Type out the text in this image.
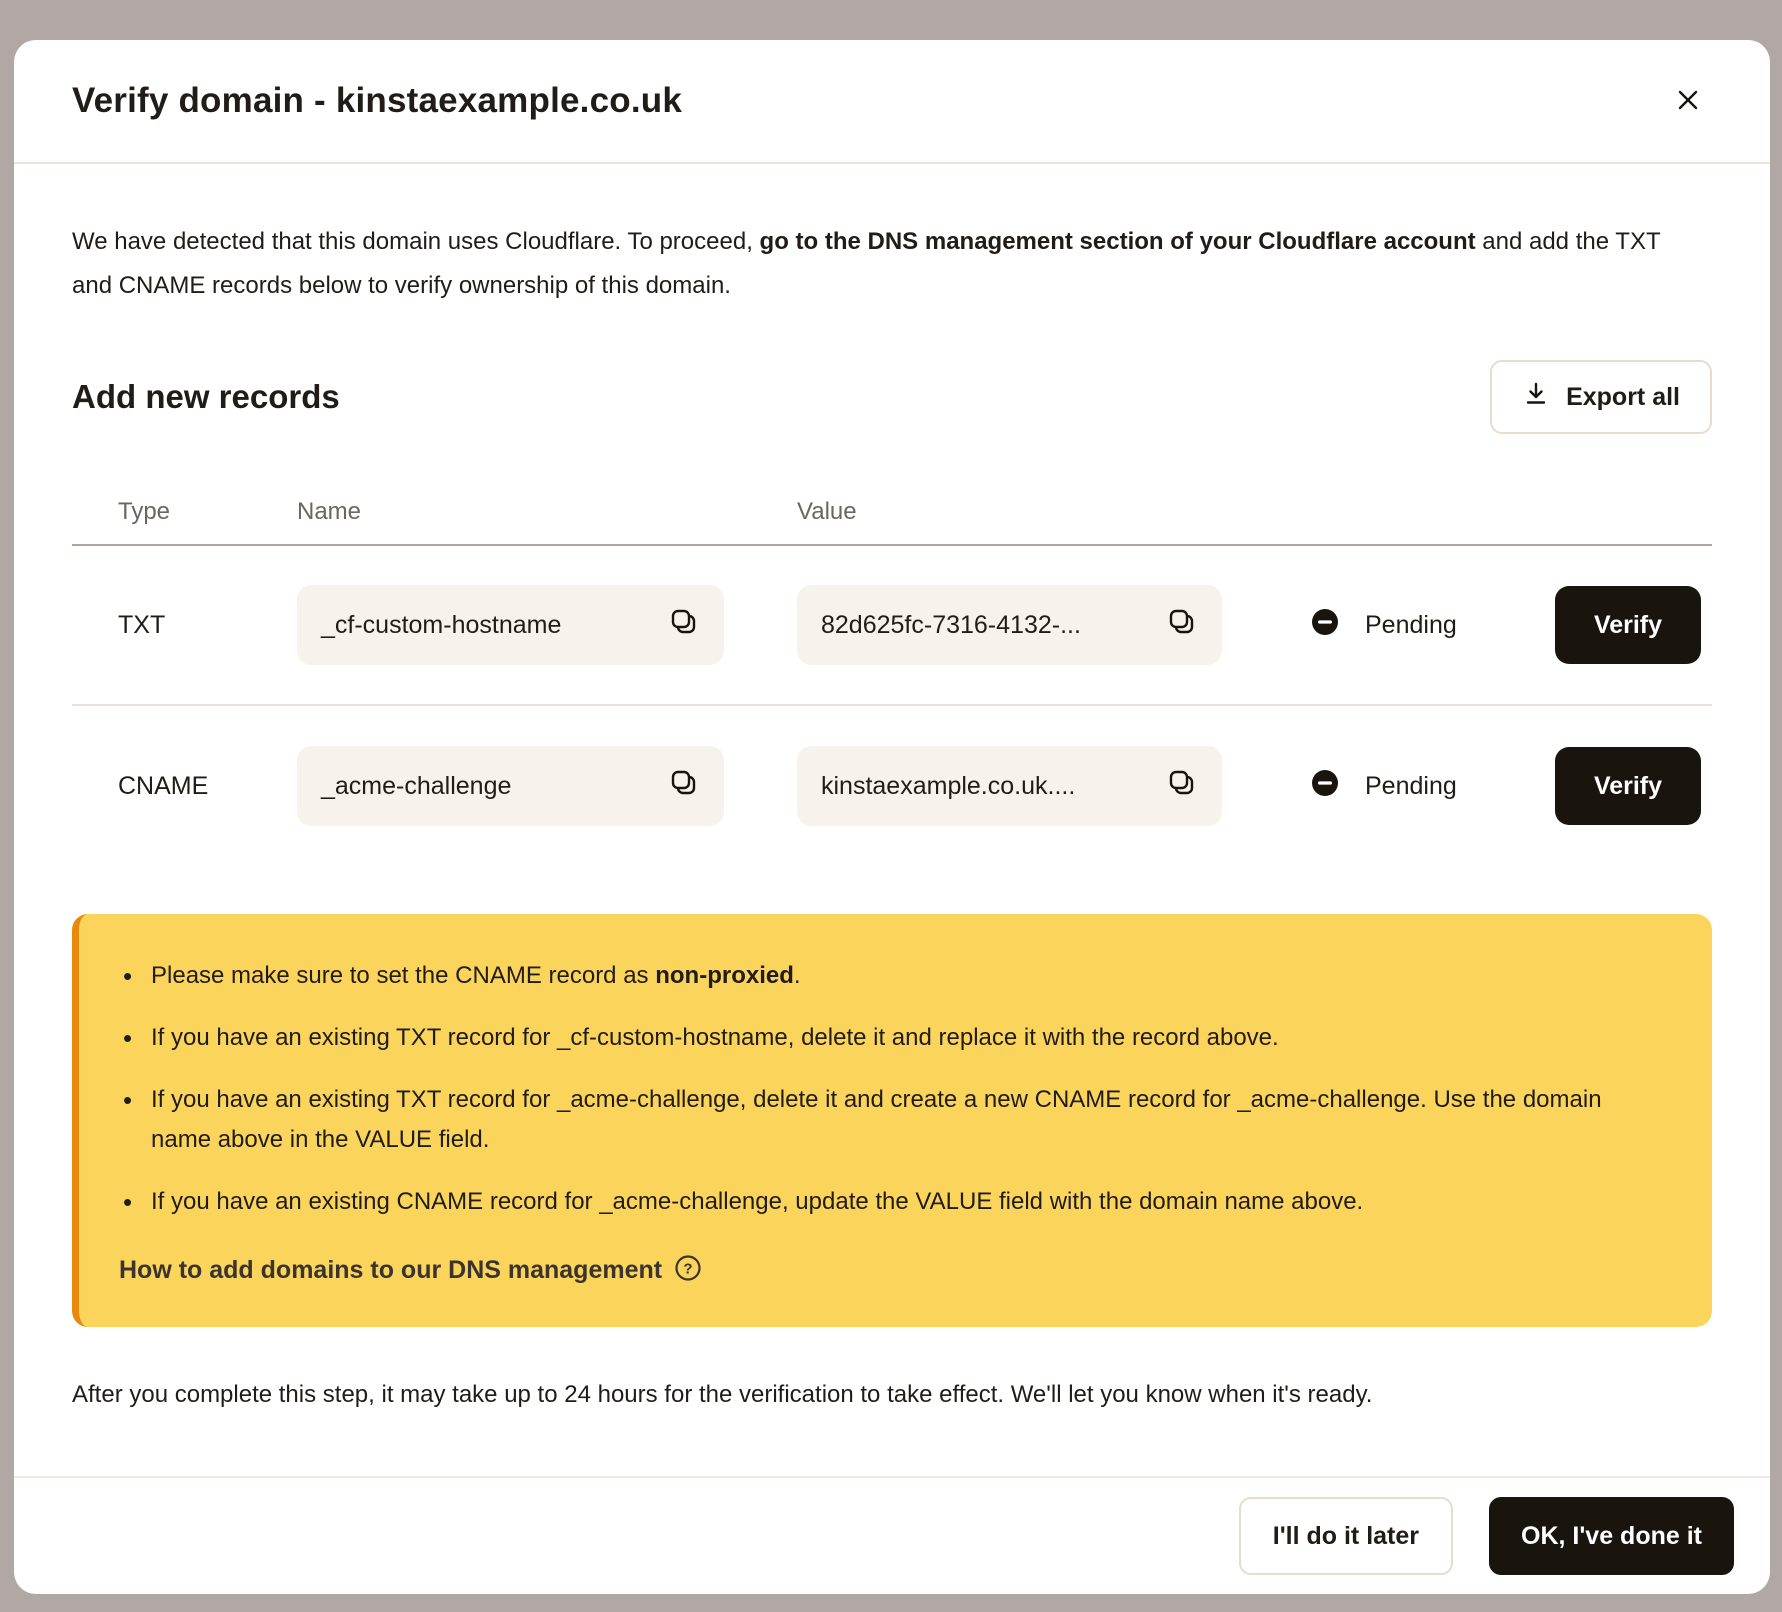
Verify domain - kinstaexample.co.uk

We have detected that this domain uses Cloudflare. To proceed, go to the DNS management section of your Cloudflare account and add the TXT and CNAME records below to verify ownership of this domain.

Add new records	Export all
Type	Name	Value
TXT	_cf-custom-hostname	82d625fc-7316-4132-...	Pending	Verify
CNAME	_acme-challenge	kinstaexample.co.uk....	Pending	Verify
• Please make sure to set the CNAME record as non-proxied.
• If you have an existing TXT record for _cf-custom-hostname, delete it and replace it with the record above.
• If you have an existing TXT record for _acme-challenge, delete it and create a new CNAME record for _acme-challenge. Use the domain name above in the VALUE field.
• If you have an existing CNAME record for _acme-challenge, update the VALUE field with the domain name above.
How to add domains to our DNS management ?

After you complete this step, it may take up to 24 hours for the verification to take effect. We'll let you know when it's ready.

I'll do it later	OK, I've done it
